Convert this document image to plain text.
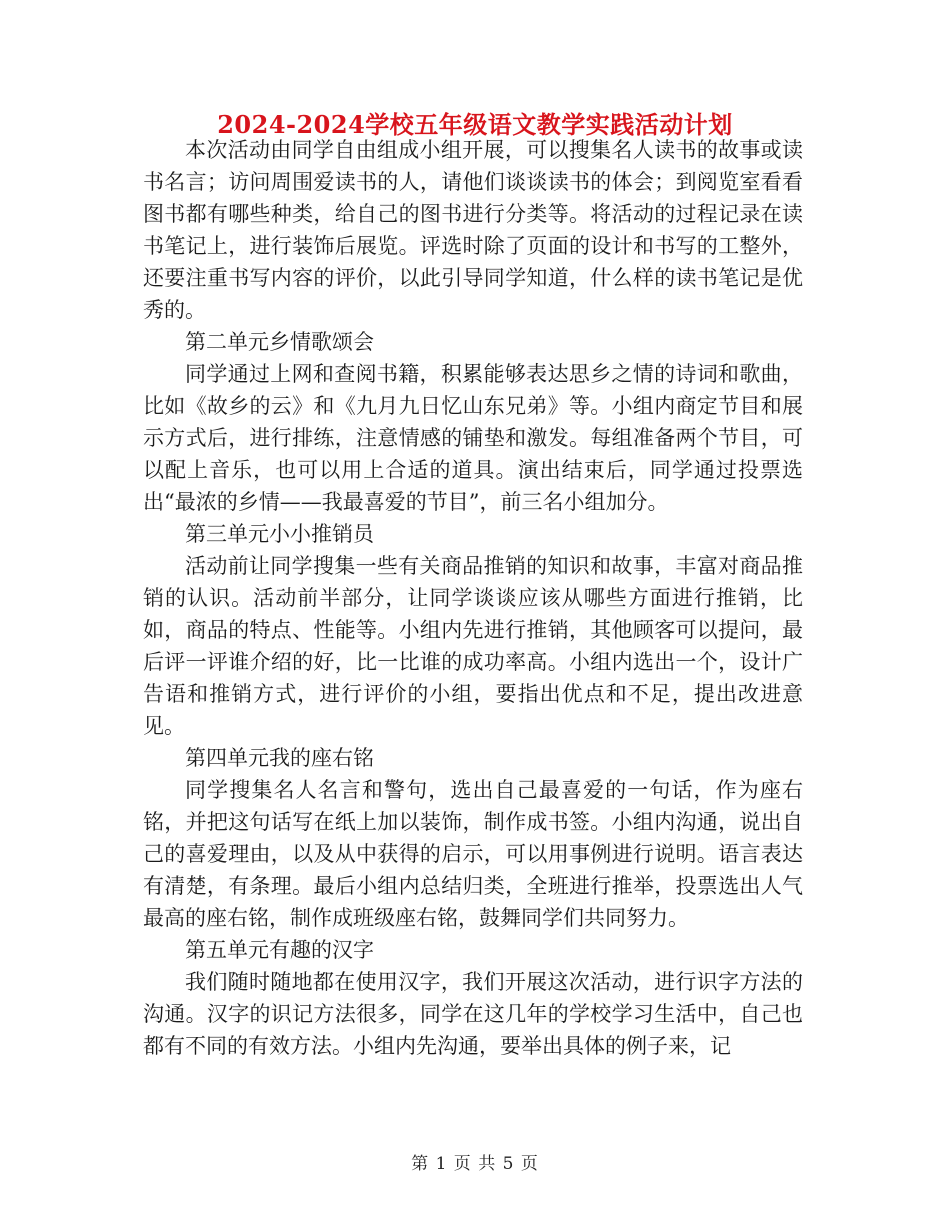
2024-2024学校五年级语文教学实践活动计划

本次活动由同学自由组成小组开展，可以搜集名人读书的故事或读书名言；访问周围爱读书的人，请他们谈谈读书的体会；到阅览室看看图书都有哪些种类，给自己的图书进行分类等。将活动的过程记录在读书笔记上，进行装饰后展览。评选时除了页面的设计和书写的工整外，还要注重书写内容的评价，以此引导同学知道，什么样的读书笔记是优秀的。

第二单元乡情歌颂会

同学通过上网和查阅书籍，积累能够表达思乡之情的诗词和歌曲，比如《故乡的云》和《九月九日忆山东兄弟》等。小组内商定节目和展示方式后，进行排练，注意情感的铺垫和激发。每组准备两个节目，可以配上音乐，也可以用上合适的道具。演出结束后，同学通过投票选出“最浓的乡情——我最喜爱的节目”，前三名小组加分。

第三单元小小推销员

活动前让同学搜集一些有关商品推销的知识和故事，丰富对商品推销的认识。活动前半部分，让同学谈谈应该从哪些方面进行推销，比如，商品的特点、性能等。小组内先进行推销，其他顾客可以提问，最后评一评谁介绍的好，比一比谁的成功率高。小组内选出一个，设计广告语和推销方式，进行评价的小组，要指出优点和不足，提出改进意见。

第四单元我的座右铭

同学搜集名人名言和警句，选出自己最喜爱的一句话，作为座右铭，并把这句话写在纸上加以装饰，制作成书签。小组内沟通，说出自己的喜爱理由，以及从中获得的启示，可以用事例进行说明。语言表达有清楚，有条理。最后小组内总结归类，全班进行推举，投票选出人气最高的座右铭，制作成班级座右铭，鼓舞同学们共同努力。

第五单元有趣的汉字

我们随时随地都在使用汉字，我们开展这次活动，进行识字方法的沟通。汉字的识记方法很多，同学在这几年的学校学习生活中，自己也都有不同的有效方法。小组内先沟通，要举出具体的例子来，记

第 1 页 共 5 页
